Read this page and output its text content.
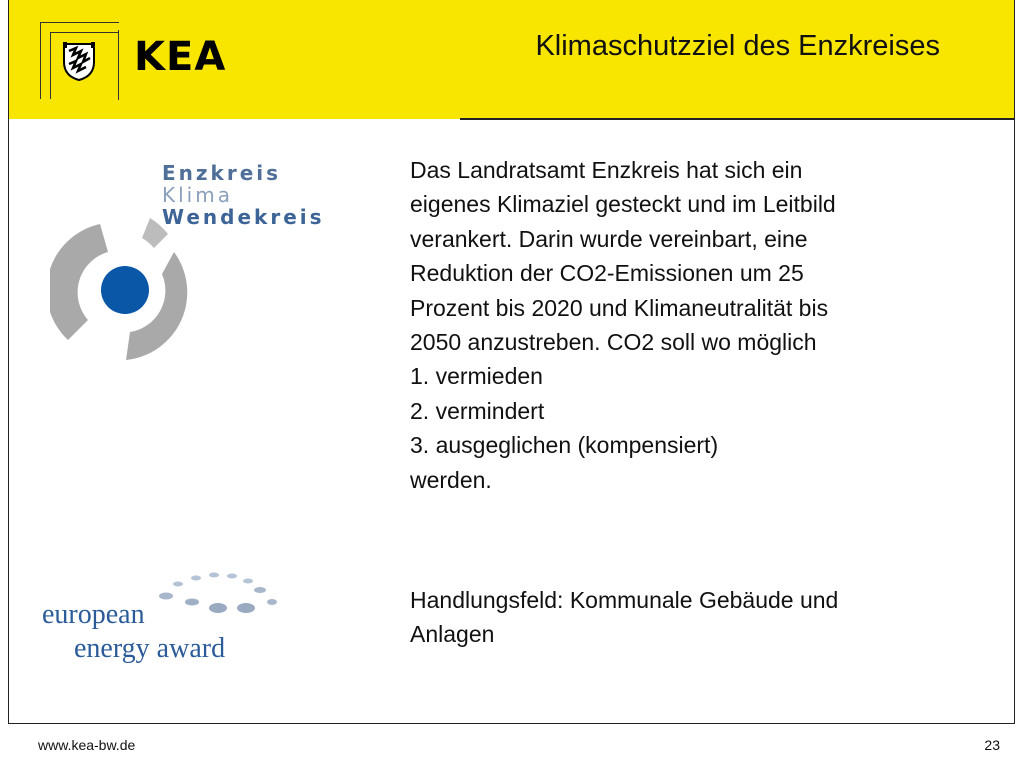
KEA	Klimaschutzziel des Enzkreises
Enzkreis
Klima
Wendekreis
Das Landratsamt Enzkreis hat sich ein
eigenes Klimaziel gesteckt und im Leitbild
verankert. Darin wurde vereinbart, eine
Reduktion der CO2-Emissionen um 25
Prozent bis 2020 und Klimaneutralität bis
2050 anzustreben. CO2 soll wo möglich
1. vermieden
2. vermindert
3. ausgeglichen (kompensiert)
werden.
Handlungsfeld: Kommunale Gebäude und
Anlagen
european
energy award
www.kea-bw.de	23
